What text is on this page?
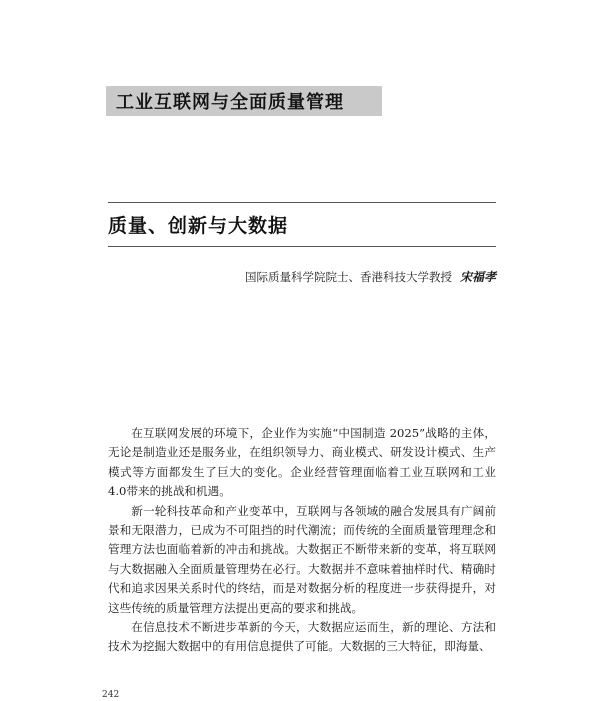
工业互联网与全面质量管理
质量、创新与大数据
国际质量科学院院士、香港科技大学教授 宋福孝

在互联网发展的环境下，企业作为实施“中国制造 2025”战略的主体，无论是制造业还是服务业，在组织领导力、商业模式、研发设计模式、生产模式等方面都发生了巨大的变化。企业经营管理面临着工业互联网和工业4.0带来的挑战和机遇。

新一轮科技革命和产业变革中，互联网与各领域的融合发展具有广阔前景和无限潜力，已成为不可阻挡的时代潮流；而传统的全面质量管理理念和管理方法也面临着新的冲击和挑战。大数据正不断带来新的变革，将互联网与大数据融入全面质量管理势在必行。大数据并不意味着抽样时代、精确时代和追求因果关系时代的终结，而是对数据分析的程度进一步获得提升，对这些传统的质量管理方法提出更高的要求和挑战。

在信息技术不断进步革新的今天，大数据应运而生，新的理论、方法和技术为挖掘大数据中的有用信息提供了可能。大数据的三大特征，即海量、

242
